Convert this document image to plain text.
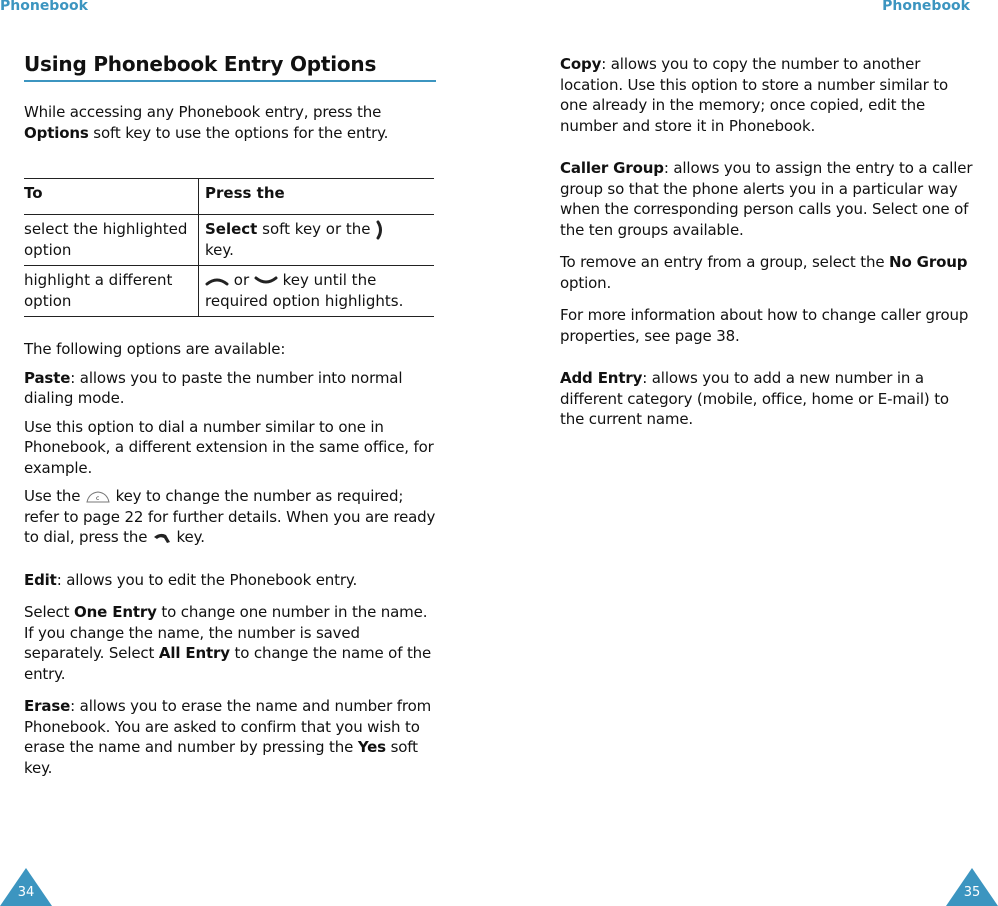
Phonebook	Phonebook
Using Phonebook Entry Options

While accessing any Phonebook entry, press the Options soft key to use the options for the entry.

To	Press the
select the highlighted option	Select soft key or the
key.
highlight a different option	or  key until the required option highlights.

The following options are available:

Paste: allows you to paste the number into normal dialing mode.

Use this option to dial a number similar to one in Phonebook, a different extension in the same office, for example.

Use the c key to change the number as required; refer to page 22 for further details. When you are ready to dial, press the  key.

Edit: allows you to edit the Phonebook entry.

Select One Entry to change one number in the name. If you change the name, the number is saved separately. Select All Entry to change the name of the entry.

Erase: allows you to erase the name and number from Phonebook. You are asked to confirm that you wish to erase the name and number by pressing the Yes soft key.

Copy: allows you to copy the number to another location. Use this option to store a number similar to one already in the memory; once copied, edit the number and store it in Phonebook.

Caller Group: allows you to assign the entry to a caller group so that the phone alerts you in a particular way when the corresponding person calls you. Select one of the ten groups available.

To remove an entry from a group, select the No Group option.

For more information about how to change caller group properties, see page 38.

Add Entry: allows you to add a new number in a different category (mobile, office, home or E-mail) to the current name.

34	35
